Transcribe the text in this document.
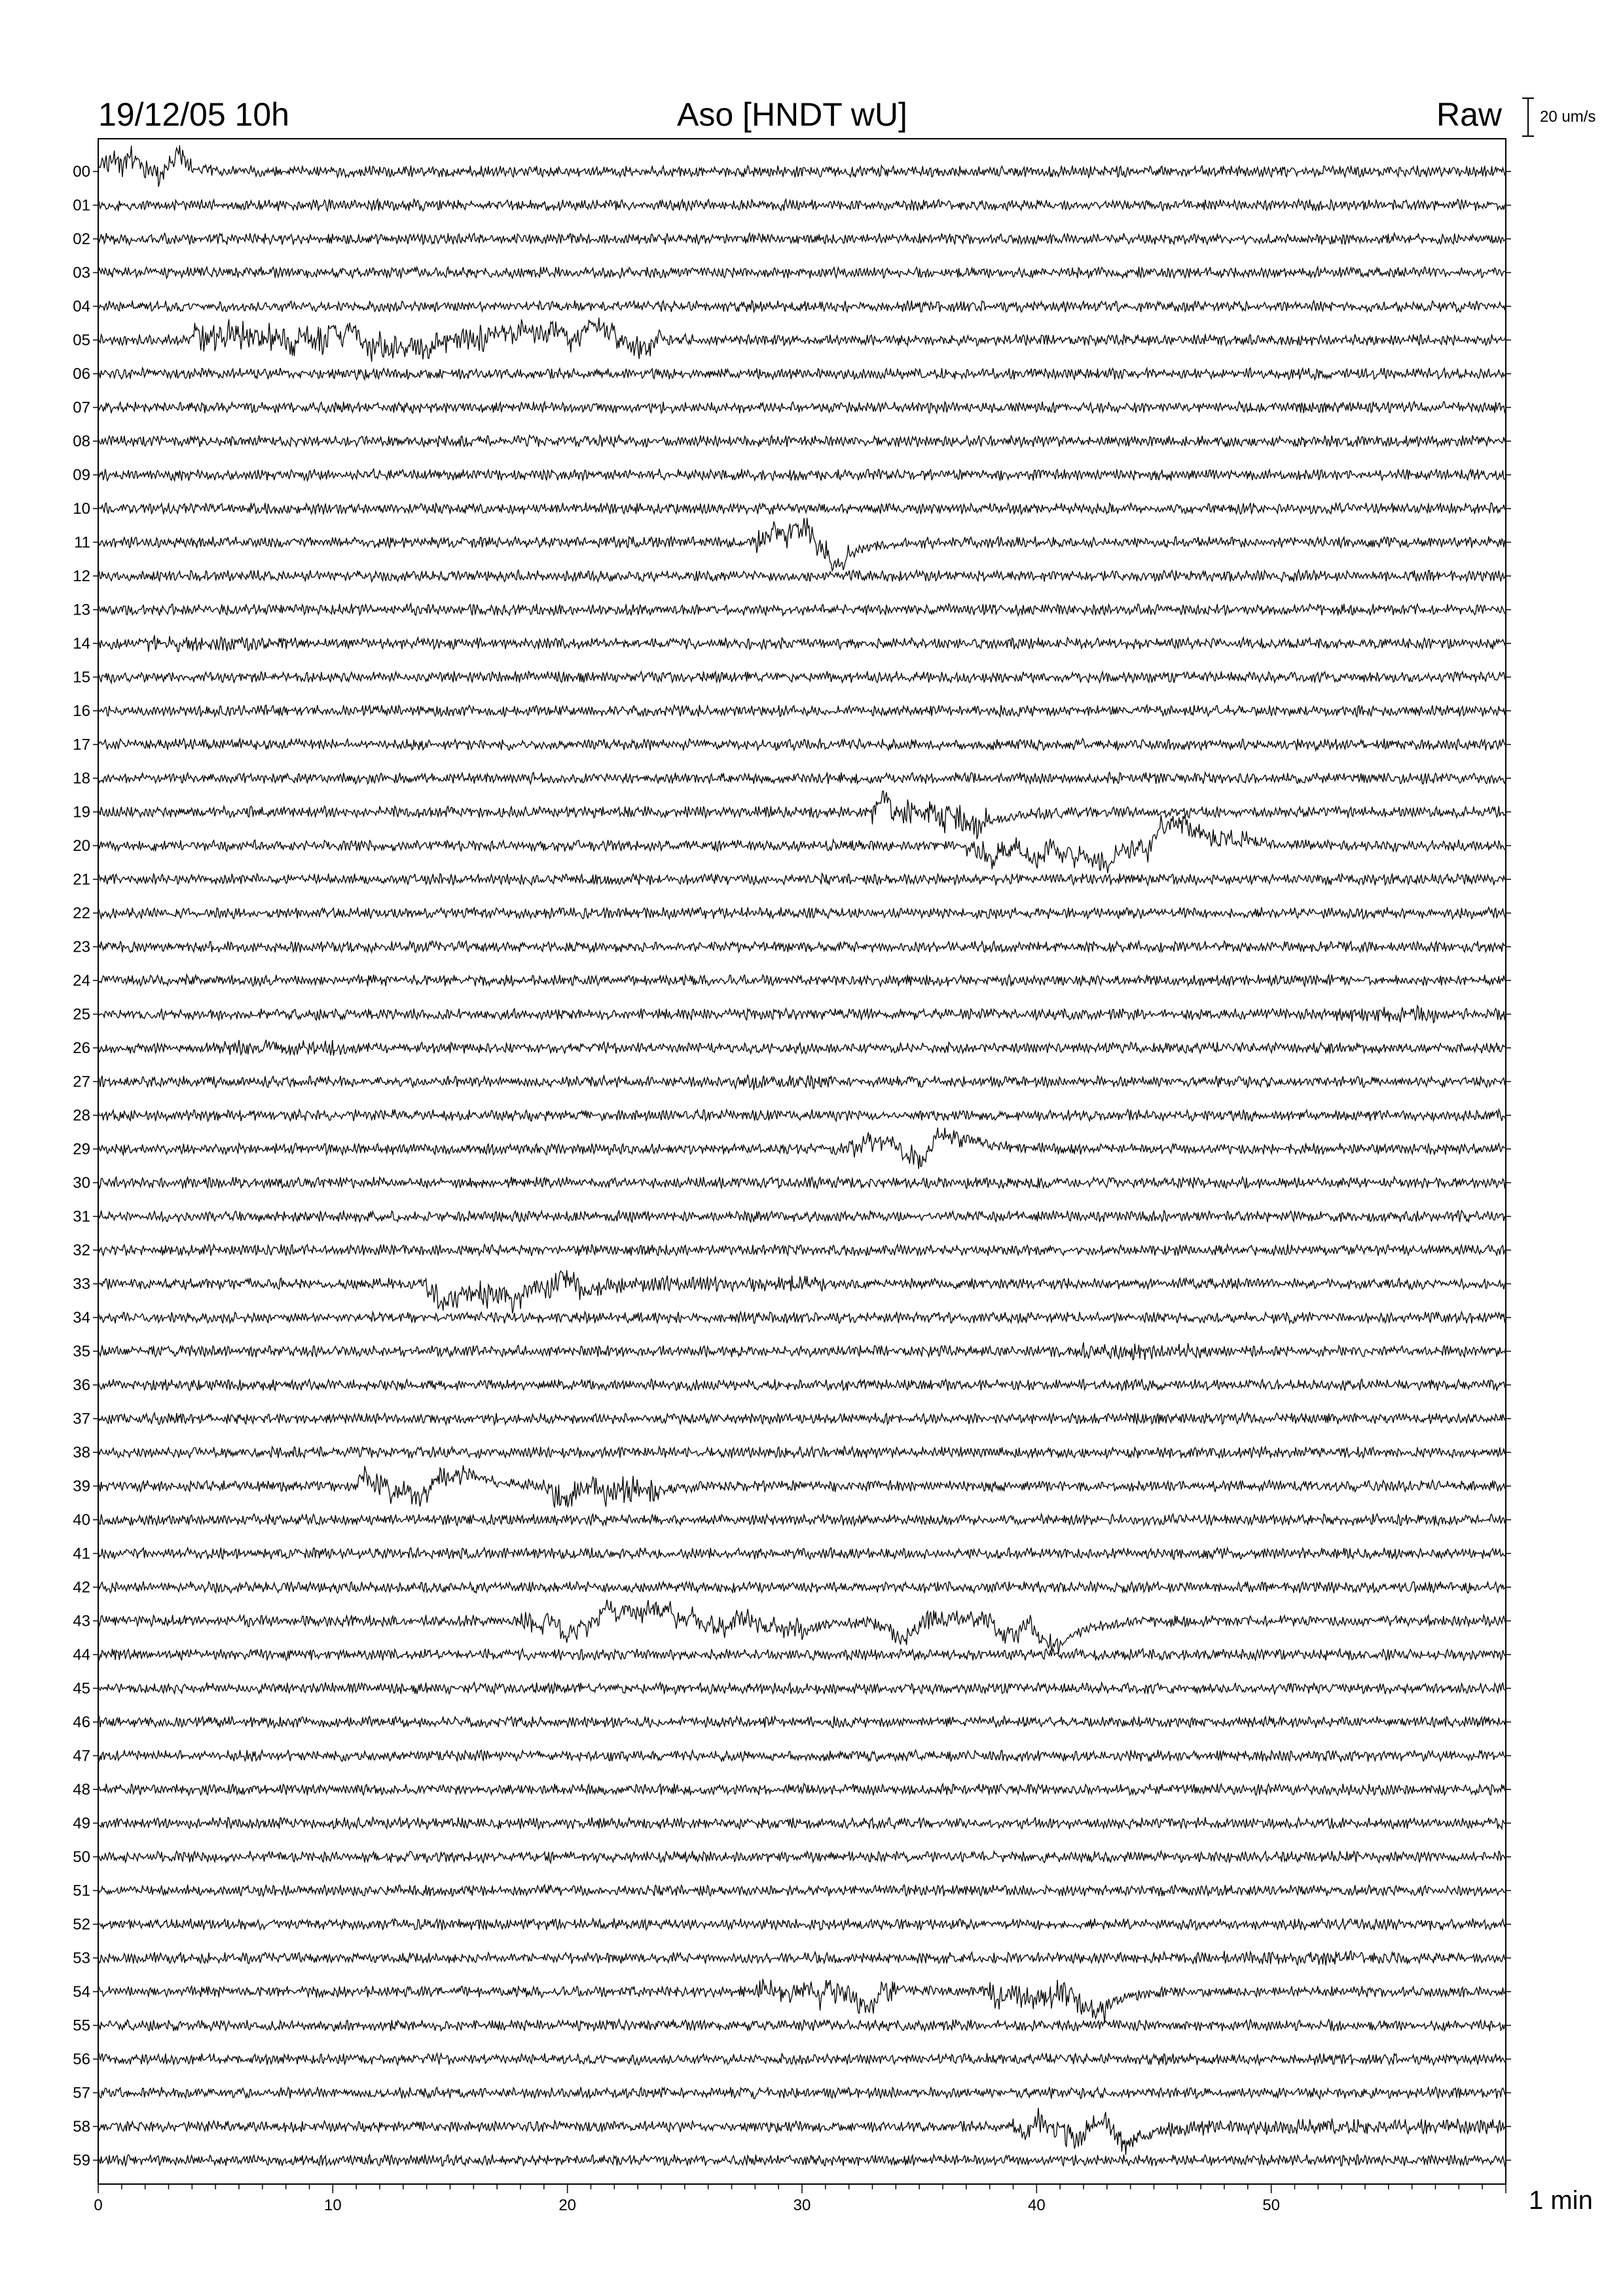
00
01
02
03
04
05
06
07
08
09
10
11
12
13
14
15
16
17
18
19
20
21
22
23
24
25
26
27
28
29
30
31
32
33
34
35
36
37
38
39
40
41
42
43
44
45
46
47
48
49
50
51
52
53
54
55
56
57
58
59
0	10	20	30	40	50
19/12/05 10h	Aso [HNDT wU]	Raw 20 um/s
1 min
